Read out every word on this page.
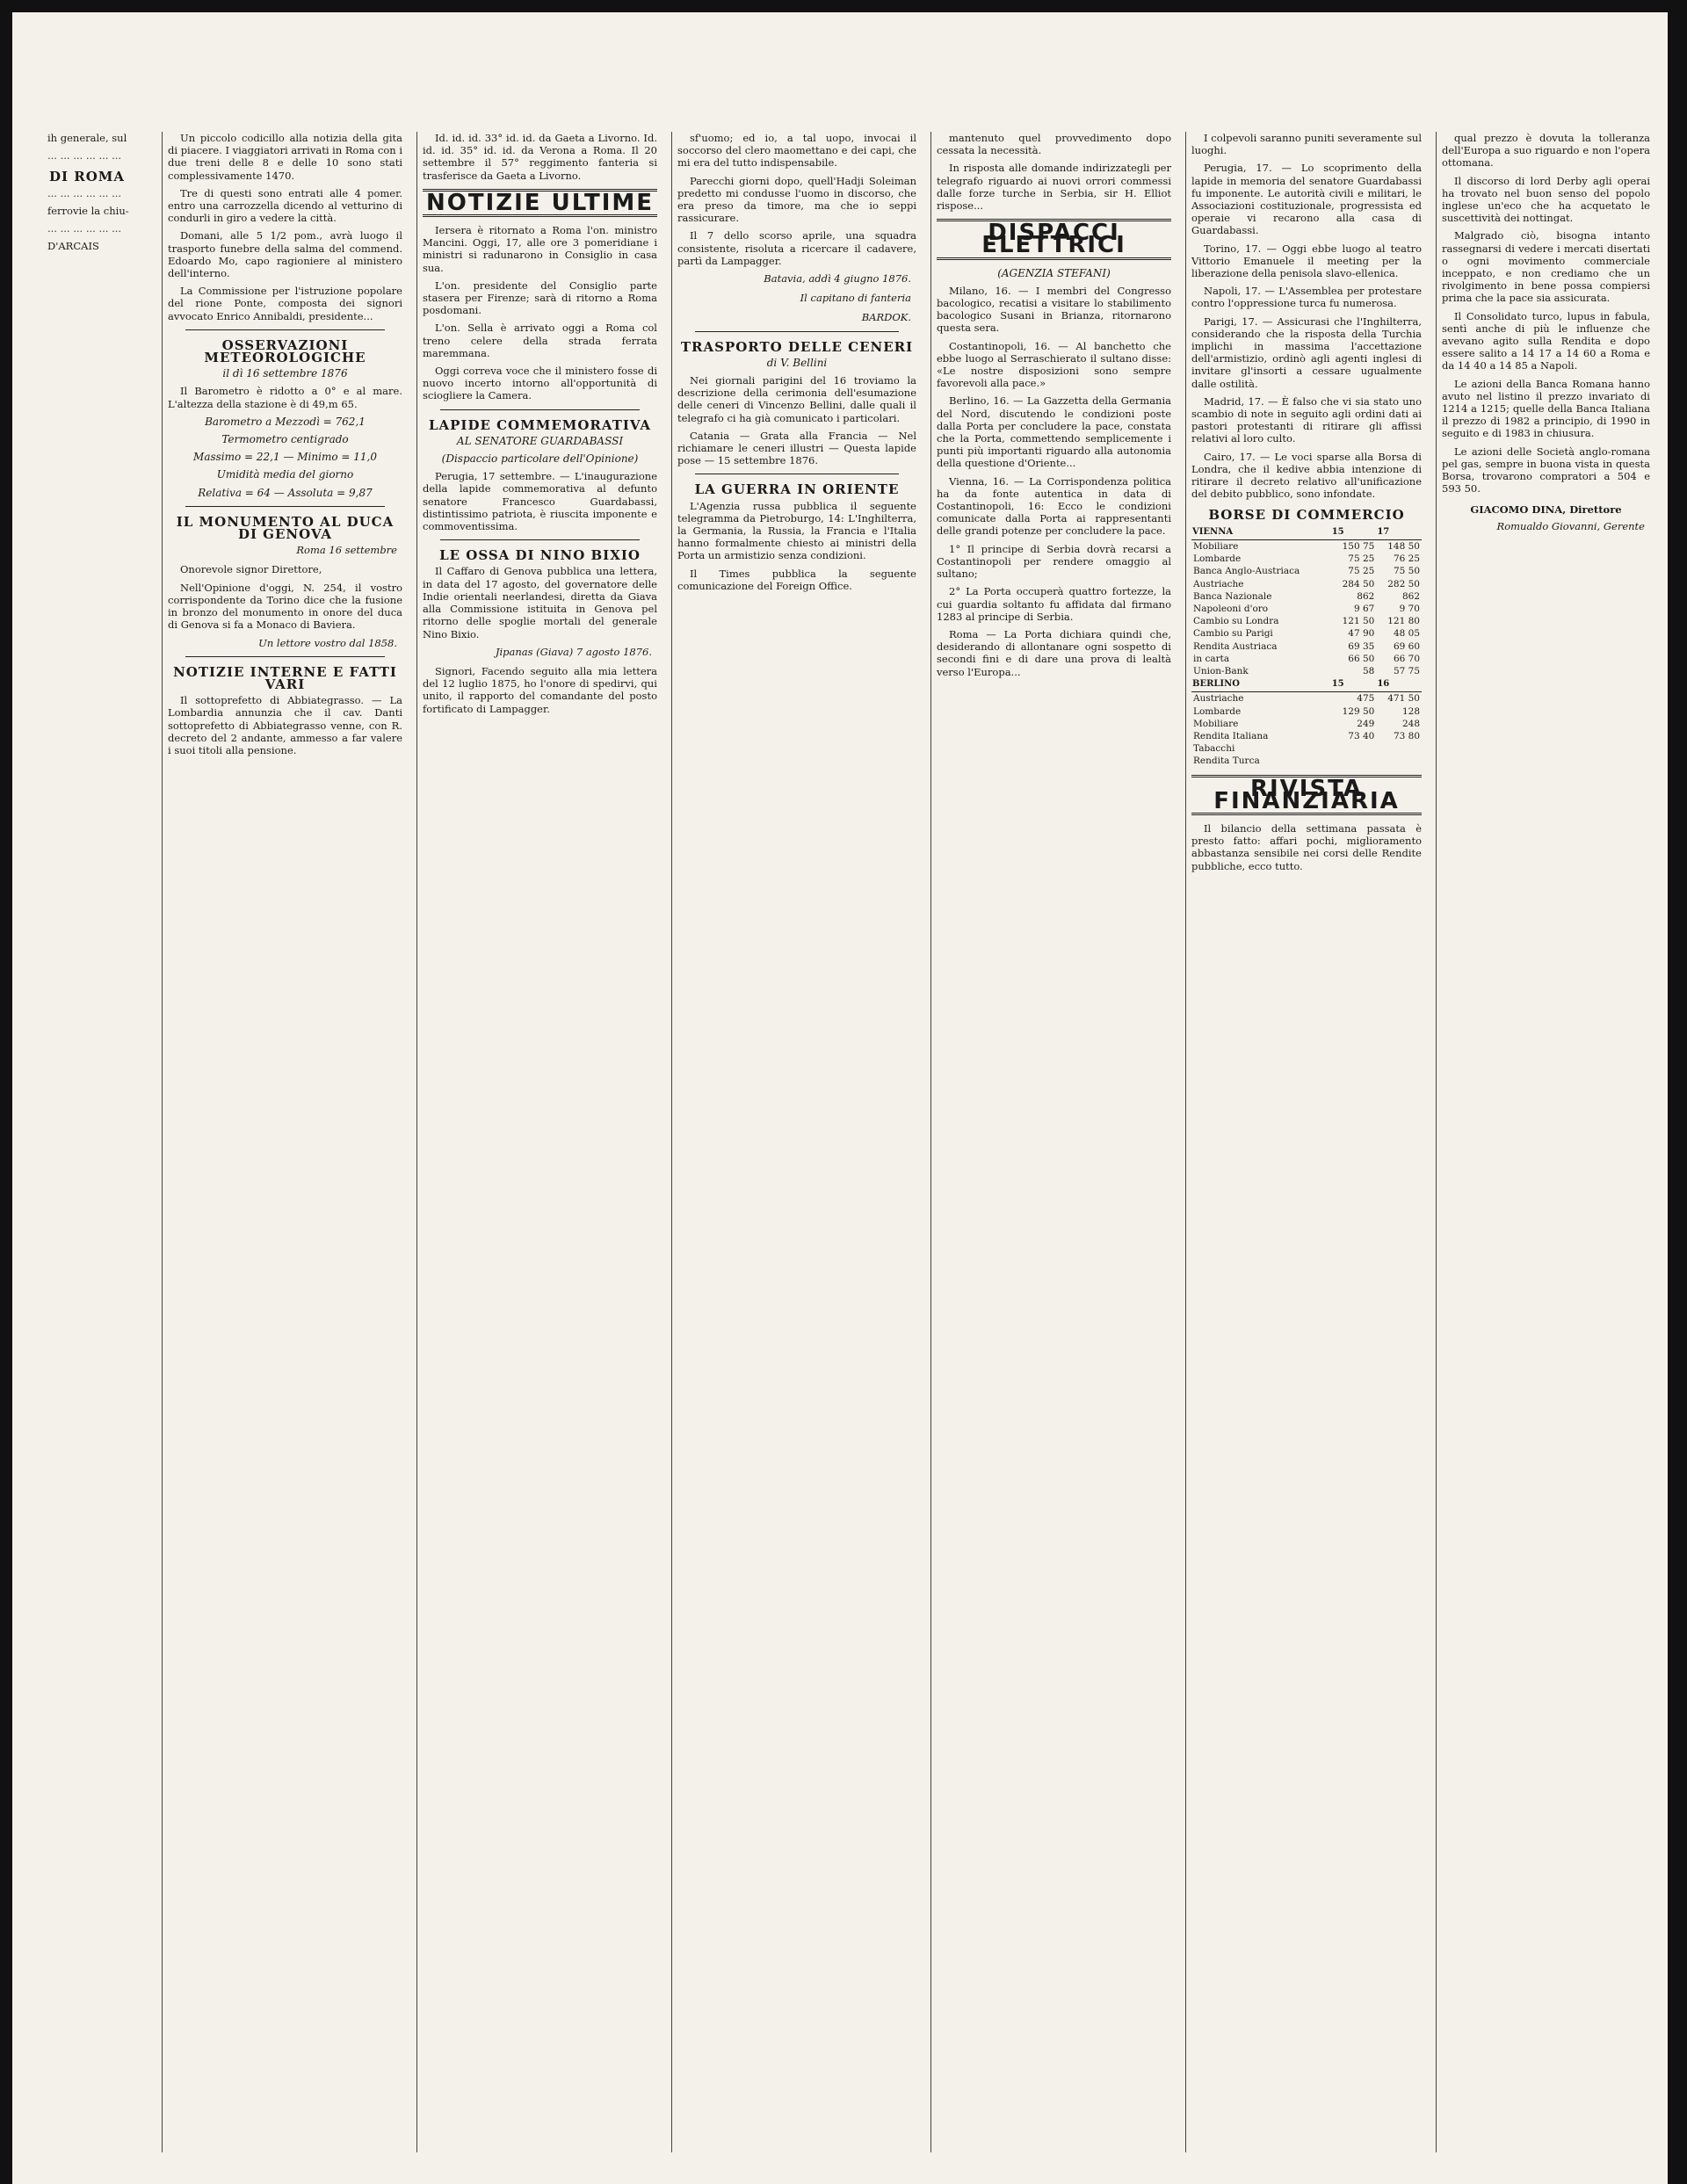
ih generale, sul

... ... ... ... ... ...

DI ROMA

... ... ... ... ... ...

ferrovie la chiu-

... ... ... ... ... ...

D'ARCAIS

Un piccolo codicillo alla notizia della gita di piacere. I viaggiatori arrivati in Roma con i due treni delle 8 e delle 10 sono stati complessivamente 1470.

Tre di questi sono entrati alle 4 pomer. entro una carrozzella dicendo al vetturino di condurli in giro a vedere la città.

Domani, alle 5 1/2 pom., avrà luogo il trasporto funebre della salma del commend. Edoardo Mo, capo ragioniere al ministero dell'interno.

La Commissione per l'istruzione popolare del rione Ponte, composta dei signori avvocato Enrico Annibaldi, presidente...

OSSERVAZIONI METEOROLOGICHE
il dì 16 settembre 1876

Il Barometro è ridotto a 0° e al mare. L'altezza della stazione è di 49,m 65.

Barometro a Mezzodì = 762,1
Termometro centigrado
Massimo = 22,1 — Minimo = 11,0
Umidità media del giorno
Relativa = 64 — Assoluta = 9,87
IL MONUMENTO AL DUCA DI GENOVA
Roma 16 settembre

Onorevole signor Direttore,

Nell'Opinione d'oggi, N. 254, il vostro corrispondente da Torino dice che la fusione in bronzo del monumento in onore del duca di Genova si fa a Monaco di Baviera.

Un lettore vostro dal 1858.
NOTIZIE INTERNE E FATTI VARI

Il sottoprefetto di Abbiategrasso. — La Lombardia annunzia che il cav. Danti sottoprefetto di Abbiategrasso venne, con R. decreto del 2 andante, ammesso a far valere i suoi titoli alla pensione.

Id. id. id. 33° id. id. da Gaeta a Livorno. Id. id. id. 35° id. id. da Verona a Roma. Il 20 settembre il 57° reggimento fanteria si trasferisce da Gaeta a Livorno.

NOTIZIE ULTIME

Iersera è ritornato a Roma l'on. ministro Mancini. Oggi, 17, alle ore 3 pomeridiane i ministri si radunarono in Consiglio in casa sua.

L'on. presidente del Consiglio parte stasera per Firenze; sarà di ritorno a Roma posdomani.

L'on. Sella è arrivato oggi a Roma col treno celere della strada ferrata maremmana.

Oggi correva voce che il ministero fosse di nuovo incerto intorno all'opportunità di sciogliere la Camera.

LAPIDE COMMEMORATIVA
AL SENATORE GUARDABASSI
(Dispaccio particolare dell'Opinione)

Perugia, 17 settembre. — L'inaugurazione della lapide commemorativa al defunto senatore Francesco Guardabassi, distintissimo patriota, è riuscita imponente e commoventissima.

LE OSSA DI NINO BIXIO

Il Caffaro di Genova pubblica una lettera, in data del 17 agosto, del governatore delle Indie orientali neerlandesi, diretta da Giava alla Commissione istituita in Genova pel ritorno delle spoglie mortali del generale Nino Bixio.

Jipanas (Giava) 7 agosto 1876.

Signori, Facendo seguito alla mia lettera del 12 luglio 1875, ho l'onore di spedirvi, qui unito, il rapporto del comandante del posto fortificato di Lampagger.

sf'uomo; ed io, a tal uopo, invocai il soccorso del clero maomettano e dei capi, che mi era del tutto indispensabile.

Parecchi giorni dopo, quell'Hadji Soleiman predetto mi condusse l'uomo in discorso, che era preso da timore, ma che io seppi rassicurare.

Il 7 dello scorso aprile, una squadra consistente, risoluta a ricercare il cadavere, partì da Lampagger.

Batavia, addì 4 giugno 1876.
Il capitano di fanteria
BARDOK.
TRASPORTO DELLE CENERI
di V. Bellini

Nei giornali parigini del 16 troviamo la descrizione della cerimonia dell'esumazione delle ceneri di Vincenzo Bellini, dalle quali il telegrafo ci ha già comunicato i particolari.

Catania — Grata alla Francia — Nel richiamare le ceneri illustri — Questa lapide pose — 15 settembre 1876.

LA GUERRA IN ORIENTE

L'Agenzia russa pubblica il seguente telegramma da Pietroburgo, 14: L'Inghilterra, la Germania, la Russia, la Francia e l'Italia hanno formalmente chiesto ai ministri della Porta un armistizio senza condizioni.

Il Times pubblica la seguente comunicazione del Foreign Office.

mantenuto quel provvedimento dopo cessata la necessità.

In risposta alle domande indirizzategli per telegrafo riguardo ai nuovi orrori commessi dalle forze turche in Serbia, sir H. Elliot rispose...

DISPACCI ELETTRICI
(AGENZIA STEFANI)

Milano, 16. — I membri del Congresso bacologico, recatisi a visitare lo stabilimento bacologico Susani in Brianza, ritornarono questa sera.

Costantinopoli, 16. — Al banchetto che ebbe luogo al Serraschierato il sultano disse: «Le nostre disposizioni sono sempre favorevoli alla pace.»

Berlino, 16. — La Gazzetta della Germania del Nord, discutendo le condizioni poste dalla Porta per concludere la pace, constata che la Porta, commettendo semplicemente i punti più importanti riguardo alla autonomia della questione d'Oriente...

Vienna, 16. — La Corrispondenza politica ha da fonte autentica in data di Costantinopoli, 16: Ecco le condizioni comunicate dalla Porta ai rappresentanti delle grandi potenze per concludere la pace.

1° Il principe di Serbia dovrà recarsi a Costantinopoli per rendere omaggio al sultano;

2° La Porta occuperà quattro fortezze, la cui guardia soltanto fu affidata dal firmano 1283 al principe di Serbia.

Roma — La Porta dichiara quindi che, desiderando di allontanare ogni sospetto di secondi fini e di dare una prova di lealtà verso l'Europa...

I colpevoli saranno puniti severamente sul luoghi.

Perugia, 17. — Lo scoprimento della lapide in memoria del senatore Guardabassi fu imponente. Le autorità civili e militari, le Associazioni costituzionale, progressista ed operaie vi recarono alla casa di Guardabassi.

Torino, 17. — Oggi ebbe luogo al teatro Vittorio Emanuele il meeting per la liberazione della penisola slavo-ellenica.

Napoli, 17. — L'Assemblea per protestare contro l'oppressione turca fu numerosa.

Parigi, 17. — Assicurasi che l'Inghilterra, considerando che la risposta della Turchia implichi in massima l'accettazione dell'armistizio, ordinò agli agenti inglesi di invitare gl'insorti a cessare ugualmente dalle ostilità.

Madrid, 17. — È falso che vi sia stato uno scambio di note in seguito agli ordini dati ai pastori protestanti di ritirare gli affissi relativi al loro culto.

Cairo, 17. — Le voci sparse alla Borsa di Londra, che il kedive abbia intenzione di ritirare il decreto relativo all'unificazione del debito pubblico, sono infondate.

BORSE DI COMMERCIO
VIENNA	15	17
Mobiliare	150 75	148 50
Lombarde	75 25	76 25
Banca Anglo-Austriaca	75 25	75 50
Austriache	284 50	282 50
Banca Nazionale	862	862
Napoleoni d'oro	9 67	9 70
Cambio su Londra	121 50	121 80
Cambio su Parigi	47 90	48 05
Rendita Austriaca	69 35	69 60
in carta	66 50	66 70
Union-Bank	58	57 75
BERLINO	15	16
Austriache	475	471 50
Lombarde	129 50	128
Mobiliare	249	248
Rendita Italiana	73 40	73 80
Tabacchi		
Rendita Turca		
RIVISTA FINANZIARIA

Il bilancio della settimana passata è presto fatto: affari pochi, miglioramento abbastanza sensibile nei corsi delle Rendite pubbliche, ecco tutto.

qual prezzo è dovuta la tolleranza dell'Europa a suo riguardo e non l'opera ottomana.

Il discorso di lord Derby agli operai ha trovato nel buon senso del popolo inglese un'eco che ha acquetato le suscettività dei nottingat.

Malgrado ciò, bisogna intanto rassegnarsi di vedere i mercati disertati o ogni movimento commerciale inceppato, e non crediamo che un rivolgimento in bene possa compiersi prima che la pace sia assicurata.

Il Consolidato turco, lupus in fabula, sentì anche di più le influenze che avevano agito sulla Rendita e dopo essere salito a 14 17 a 14 60 a Roma e da 14 40 a 14 85 a Napoli.

Le azioni della Banca Romana hanno avuto nel listino il prezzo invariato di 1214 a 1215; quelle della Banca Italiana il prezzo di 1982 a principio, di 1990 in seguito e di 1983 in chiusura.

Le azioni delle Società anglo-romana pel gas, sempre in buona vista in questa Borsa, trovarono compratori a 504 e 593 50.

GIACOMO DINA, Direttore
Romualdo Giovanni, Gerente
